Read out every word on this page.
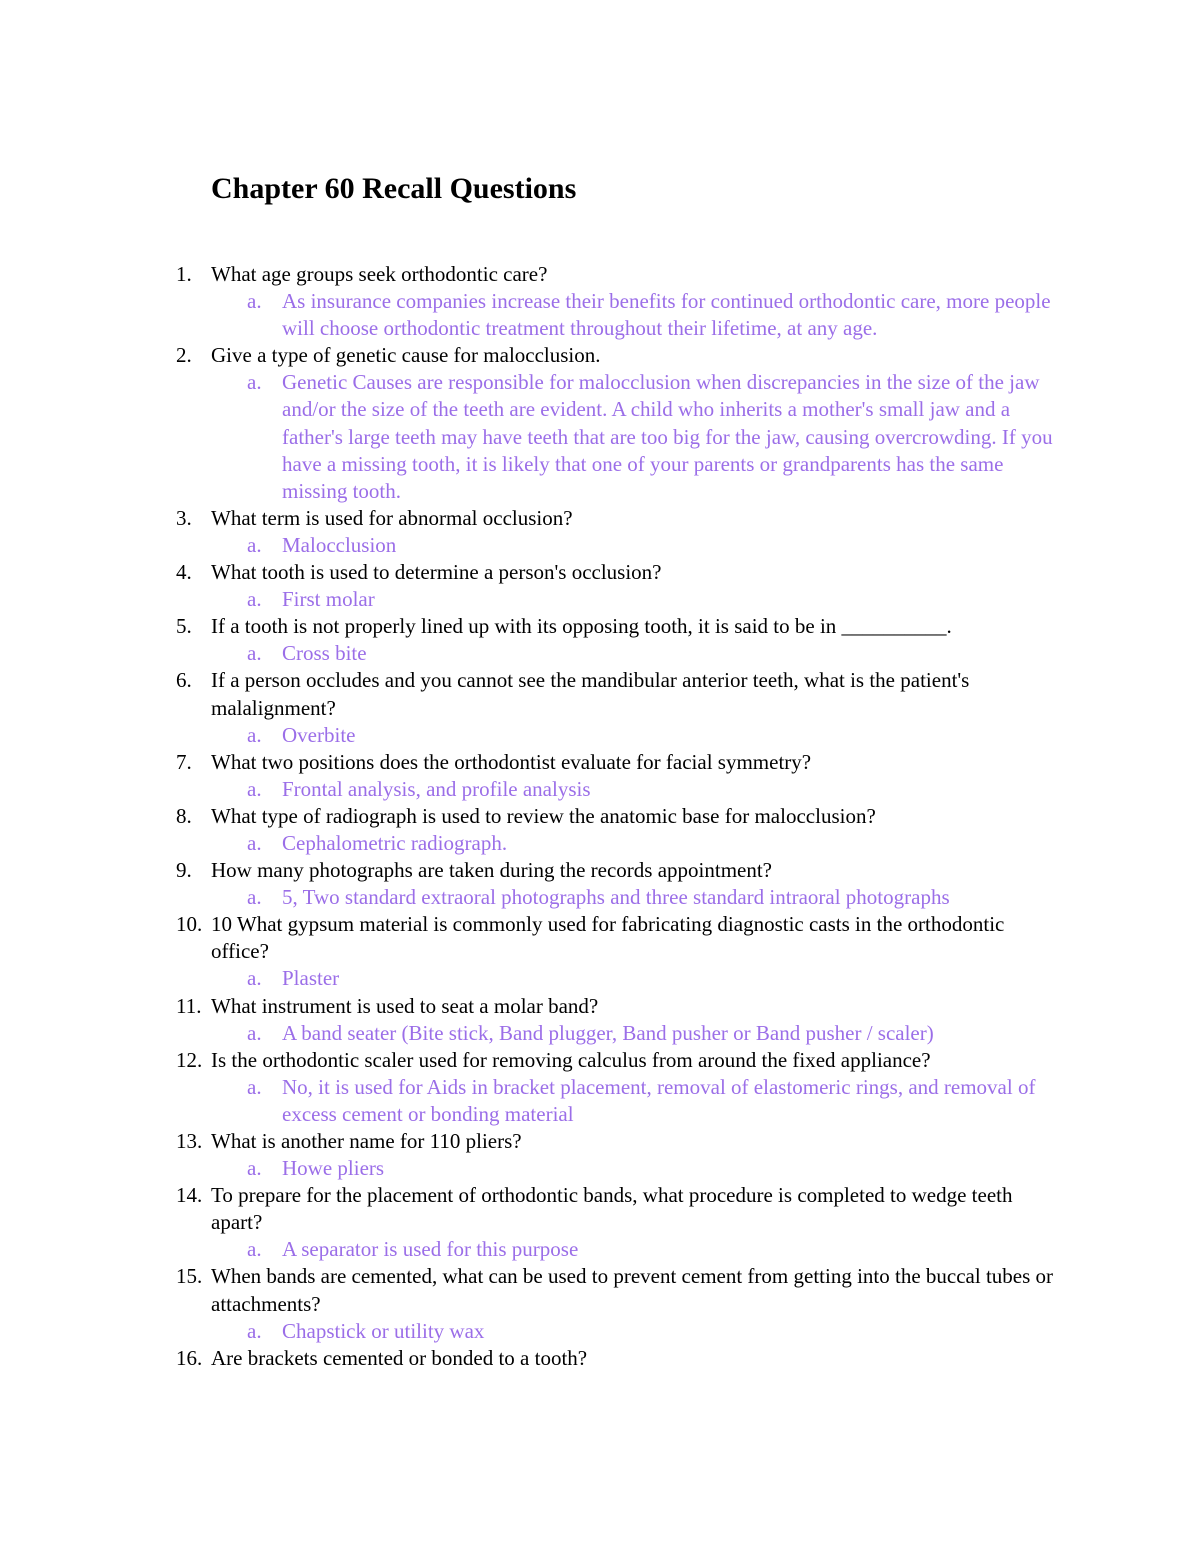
Chapter 60 Recall Questions
1. What age groups seek orthodontic care?
a. As insurance companies increase their benefits for continued orthodontic care, more people will choose orthodontic treatment throughout their lifetime, at any age.
2. Give a type of genetic cause for malocclusion.
a. Genetic Causes are responsible for malocclusion when discrepancies in the size of the jaw and/or the size of the teeth are evident. A child who inherits a mother's small jaw and a father's large teeth may have teeth that are too big for the jaw, causing overcrowding. If you have a missing tooth, it is likely that one of your parents or grandparents has the same missing tooth.
3. What term is used for abnormal occlusion?
a. Malocclusion
4. What tooth is used to determine a person's occlusion?
a. First molar
5. If a tooth is not properly lined up with its opposing tooth, it is said to be in __________.
a. Cross bite
6. If a person occludes and you cannot see the mandibular anterior teeth, what is the patient's malalignment?
a. Overbite
7. What two positions does the orthodontist evaluate for facial symmetry?
a. Frontal analysis, and profile analysis
8. What type of radiograph is used to review the anatomic base for malocclusion?
a. Cephalometric radiograph.
9. How many photographs are taken during the records appointment?
a. 5, Two standard extraoral photographs and three standard intraoral photographs
10. 10 What gypsum material is commonly used for fabricating diagnostic casts in the orthodontic office?
a. Plaster
11. What instrument is used to seat a molar band?
a. A band seater (Bite stick, Band plugger, Band pusher or Band pusher / scaler)
12. Is the orthodontic scaler used for removing calculus from around the fixed appliance?
a. No, it is used for Aids in bracket placement, removal of elastomeric rings, and removal of excess cement or bonding material
13. What is another name for 110 pliers?
a. Howe pliers
14. To prepare for the placement of orthodontic bands, what procedure is completed to wedge teeth apart?
a. A separator is used for this purpose
15. When bands are cemented, what can be used to prevent cement from getting into the buccal tubes or attachments?
a. Chapstick or utility wax
16. Are brackets cemented or bonded to a tooth?
